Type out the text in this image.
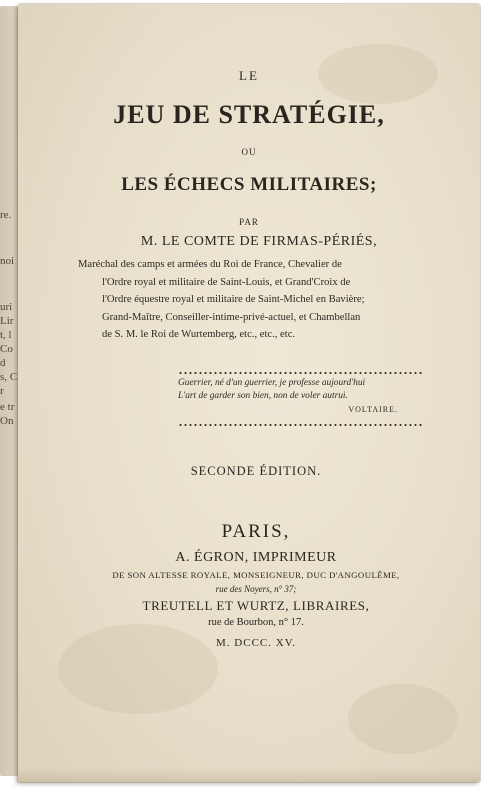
re.
noi
uri
Lir
t, l
Co
d
s, C
r
e tr
On
LE
JEU DE STRATÉGIE,
OU
LES ÉCHECS MILITAIRES;
PAR
M. LE COMTE DE FIRMAS-PÉRIÉS,
Maréchal des camps et armées du Roi de France, Chevalier de
l'Ordre royal et militaire de Saint-Louis, et Grand'Croix de
l'Ordre équestre royal et militaire de Saint-Michel en Bavière;
Grand-Maître, Conseiller-intime-privé-actuel, et Chambellan
de S. M. le Roi de Wurtemberg, etc., etc., etc.
Guerrier, né d'un guerrier, je professe aujourd'hui
L'art de garder son bien, non de voler autrui.
VOLTAIRE.
SECONDE ÉDITION.
PARIS,
A. ÉGRON, IMPRIMEUR
DE SON ALTESSE ROYALE, MONSEIGNEUR, DUC D'ANGOULÊME,
rue des Noyers, n° 37;
TREUTELL ET WURTZ, LIBRAIRES,
rue de Bourbon, n° 17.
M. DCCC. XV.
